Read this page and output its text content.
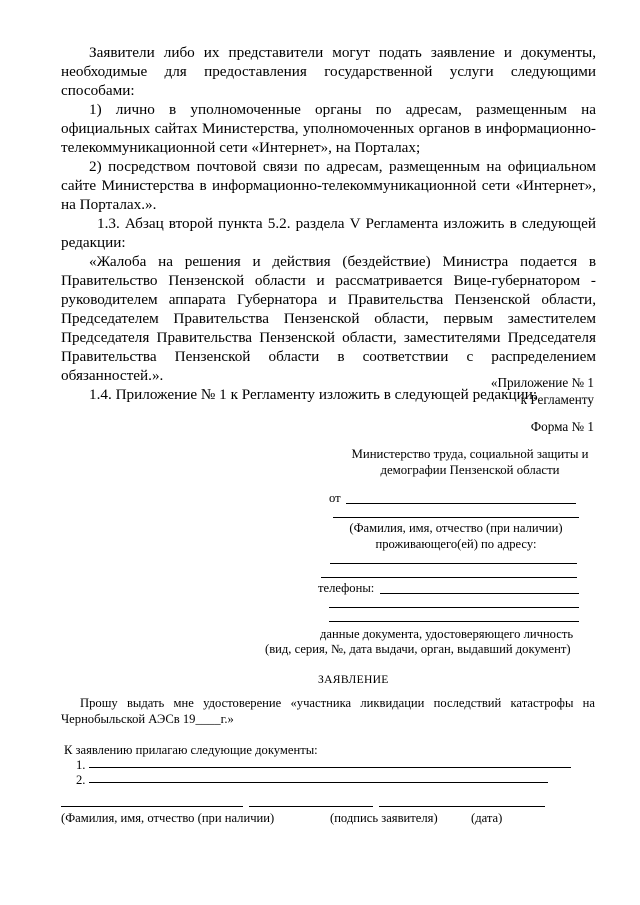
Заявители либо их представители могут подать заявление и документы, необходимые для предоставления государственной услуги следующими способами:

1) лично в уполномоченные органы по адресам, размещенным на официальных сайтах Министерства, уполномоченных органов в информационно-телекоммуникационной сети «Интернет», на Порталах;

2) посредством почтовой связи по адресам, размещенным на официальном сайте Министерства в информационно-телекоммуникационной сети «Интернет», на Порталах.».

1.3. Абзац второй пункта 5.2. раздела V Регламента изложить в следующей редакции:

«Жалоба на решения и действия (бездействие) Министра подается в Правительство Пензенской области и рассматривается Вице-губернатором - руководителем аппарата Губернатора и Правительства Пензенской области, Председателем Правительства Пензенской области, первым заместителем Председателя Правительства Пензенской области, заместителями Председателя Правительства Пензенской области в соответствии с распределением обязанностей.».

1.4. Приложение № 1 к Регламенту изложить в следующей редакции:

«Приложение № 1
к Регламенту
Форма № 1
Министерство труда, социальной защиты и
демографии Пензенской области
от
(Фамилия, имя, отчество (при наличии)
проживающего(ей) по адресу:
телефоны:
данные документа, удостоверяющего личность
(вид, серия, №, дата выдачи, орган, выдавший документ)
ЗАЯВЛЕНИЕ
Прошу выдать мне удостоверение «участника ликвидации последствий катастрофы на Чернобыльской АЭСв 19____г.»
К заявлению прилагаю следующие документы:
1.
2.
(Фамилия, имя, отчество (при наличии)	(подпись заявителя)	(дата)
